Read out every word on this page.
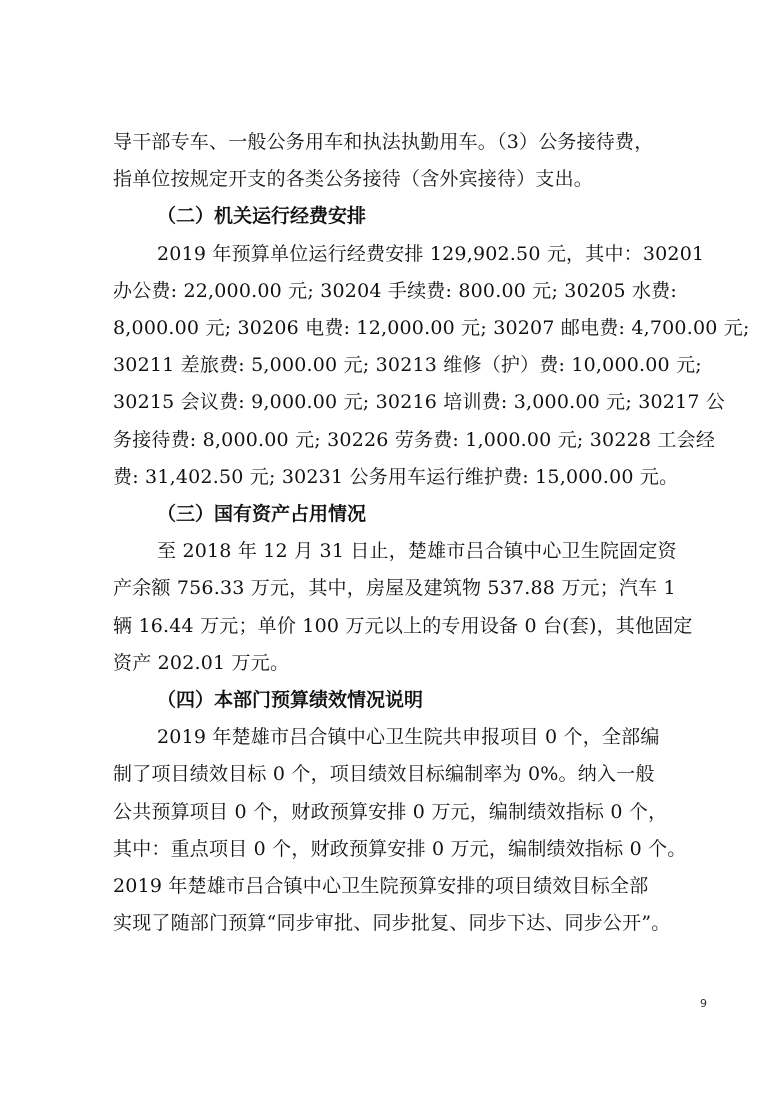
导干部专车、一般公务用车和执法执勤用车。（3）公务接待费，
指单位按规定开支的各类公务接待（含外宾接待）支出。
（二）机关运行经费安排
2019 年预算单位运行经费安排 129,902.50 元，其中：30201
办公费: 22,000.00 元; 30204 手续费: 800.00 元; 30205 水费:
8,000.00 元; 30206 电费: 12,000.00 元; 30207 邮电费: 4,700.00 元;
30211 差旅费: 5,000.00 元; 30213 维修（护）费: 10,000.00 元;
30215 会议费: 9,000.00 元; 30216 培训费: 3,000.00 元; 30217 公
务接待费: 8,000.00 元; 30226 劳务费: 1,000.00 元; 30228 工会经
费: 31,402.50 元; 30231 公务用车运行维护费: 15,000.00 元。
（三）国有资产占用情况
至 2018 年 12 月 31 日止，楚雄市吕合镇中心卫生院固定资
产余额 756.33 万元，其中，房屋及建筑物 537.88 万元；汽车 1
辆 16.44 万元；单价 100 万元以上的专用设备 0 台(套)，其他固定
资产 202.01 万元。
（四）本部门预算绩效情况说明
2019 年楚雄市吕合镇中心卫生院共申报项目 0 个，全部编
制了项目绩效目标 0 个，项目绩效目标编制率为 0%。纳入一般
公共预算项目 0 个，财政预算安排 0 万元，编制绩效指标 0 个，
其中：重点项目 0 个，财政预算安排 0 万元，编制绩效指标 0 个。
2019 年楚雄市吕合镇中心卫生院预算安排的项目绩效目标全部
实现了随部门预算“同步审批、同步批复、同步下达、同步公开”。
9
